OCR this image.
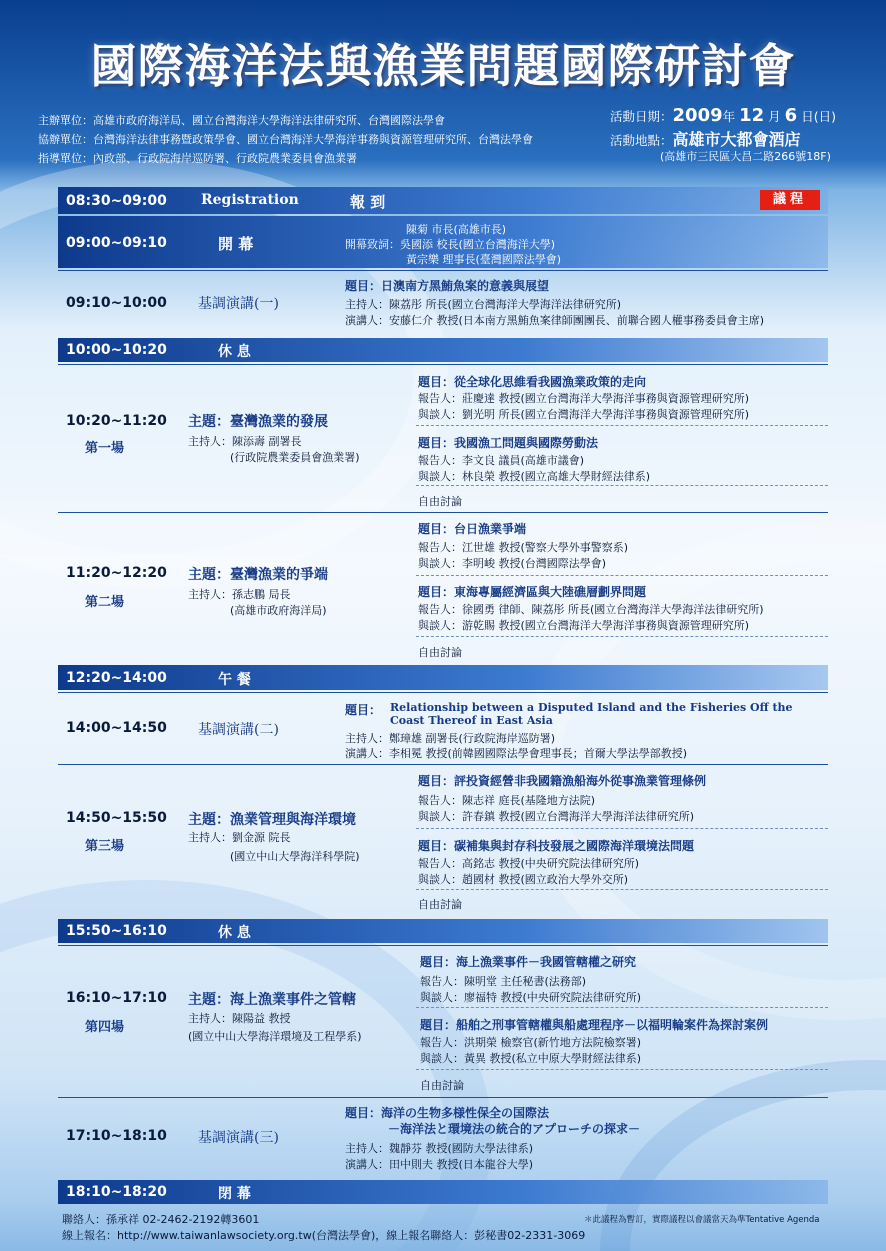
國際海洋法與漁業問題國際研討會
主辦單位：高雄市政府海洋局、國立台灣海洋大學海洋法律研究所、台灣國際法學會
協辦單位：台灣海洋法律事務暨政策學會、國立台灣海洋大學海洋事務與資源管理研究所、台灣法學會
指導單位：內政部、行政院海岸巡防署、行政院農業委員會漁業署
活動日期：2009年 12 月 6 日(日)
活動地點：高雄市大都會酒店
(高雄市三民區大昌二路266號18F)
08:30~09:00 Registration	報 到	議程
09:00~09:10	開 幕
陳菊 市長(高雄市長)
開幕致詞：吳國添 校長(國立台灣海洋大學)
黃宗樂 理事長(臺灣國際法學會)
09:10~10:00 基調演講(一)
題目：日澳南方黑鮪魚案的意義與展望
主持人：陳荔彤 所長(國立台灣海洋大學海洋法律研究所)
演講人：安藤仁介 教授(日本南方黑鮪魚案律師團團長、前聯合國人權事務委員會主席)
10:00~10:20	休 息
10:20~11:20
第一場
主題：臺灣漁業的發展
主持人：陳添壽 副署長
(行政院農業委員會漁業署)
題目：從全球化思維看我國漁業政策的走向
報告人：莊慶達 教授(國立台灣海洋大學海洋事務與資源管理研究所)
與談人：劉光明 所長(國立台灣海洋大學海洋事務與資源管理研究所)
題目：我國漁工問題與國際勞動法
報告人：李文良 議員(高雄市議會)
與談人：林良榮 教授(國立高雄大學財經法律系)
自由討論
11:20~12:20
第二場
主題：臺灣漁業的爭端
主持人：孫志鵬 局長
(高雄市政府海洋局)
題目：台日漁業爭端
報告人：江世雄 教授(警察大學外事警察系)
與談人：李明峻 教授(台灣國際法學會)
題目：東海專屬經濟區與大陸礁層劃界問題
報告人：徐國勇 律師、陳荔彤 所長(國立台灣海洋大學海洋法律研究所)
與談人：游乾賜 教授(國立台灣海洋大學海洋事務與資源管理研究所)
自由討論
12:20~14:00	午 餐
14:00~14:50 基調演講(二)
題目： Relationship between a Disputed Island and the Fisheries Off the
Coast Thereof in East Asia
主持人：鄭璋雄 副署長(行政院海岸巡防署)
演講人：李相冕 教授(前韓國國際法學會理事長；首爾大學法學部教授)
14:50~15:50
第三場
主題：漁業管理與海洋環境
主持人：劉金源 院長
(國立中山大學海洋科學院)
題目：評投資經營非我國籍漁船海外從事漁業管理條例
報告人：陳志祥 庭長(基隆地方法院)
與談人：許春鎮 教授(國立台灣海洋大學海洋法律研究所)
題目：碳補集與封存科技發展之國際海洋環境法問題
報告人：高銘志 教授(中央研究院法律研究所)
與談人：趙國材 教授(國立政治大學外交所)
自由討論
15:50~16:10	休 息
16:10~17:10
第四場
主題：海上漁業事件之管轄
主持人：陳陽益 教授
(國立中山大學海洋環境及工程學系)
題目：海上漁業事件－我國管轄權之研究
報告人：陳明堂 主任秘書(法務部)
與談人：廖福特 教授(中央研究院法律研究所)
題目：船舶之刑事管轄權與船處理程序－以福明輪案件為探討案例
報告人：洪期榮 檢察官(新竹地方法院檢察署)
與談人：黃異 教授(私立中原大學財經法律系)
自由討論
17:10~18:10 基調演講(三)
題目：海洋の生物多様性保全の国際法
－海洋法と環境法の統合的アプローチの探求－
主持人：魏靜芬 教授(國防大學法律系)
演講人：田中則夫 教授(日本龍谷大學)
18:10~18:20	閉 幕
聯絡人：孫承祥 02-2462-2192轉3601
線上報名：http://www.taiwanlawsociety.org.tw(台灣法學會)，線上報名聯絡人：彭秘書02-2331-3069
＊此議程為暫訂，實際議程以會議當天為準Tentative Agenda
